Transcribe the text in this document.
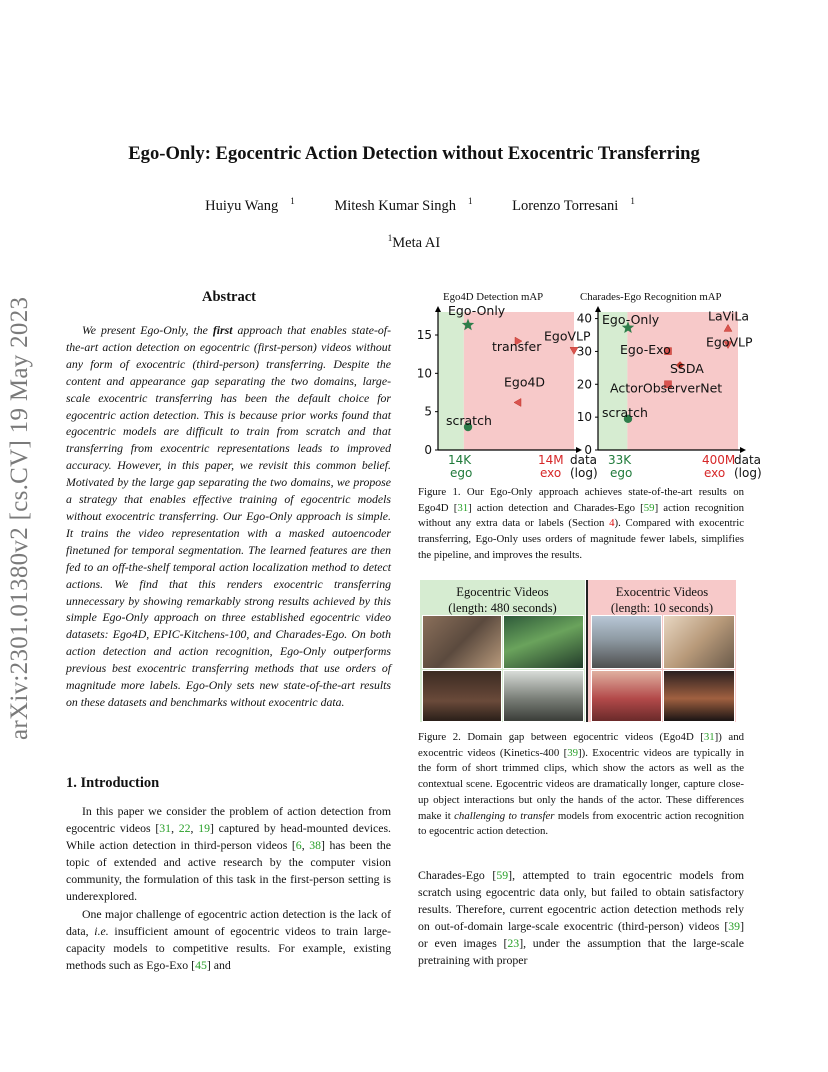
arXiv:2301.01380v2 [cs.CV] 19 May 2023
Ego-Only: Egocentric Action Detection without Exocentric Transferring
Huiyu Wang $^1$	Mitesh Kumar Singh $^1$	Lorenzo Torresani $^1$
$^1$Meta AI
Abstract

We present Ego-Only, the first approach that enables state-of-the-art action detection on egocentric (first-person) videos without any form of exocentric (third-person) transferring. Despite the content and appearance gap separating the two domains, large-scale exocentric transferring has been the default choice for egocentric action detection. This is because prior works found that egocentric models are difficult to train from scratch and that transferring from exocentric representations leads to improved accuracy. However, in this paper, we revisit this common belief. Motivated by the large gap separating the two domains, we propose a strategy that enables effective training of egocentric models without exocentric transferring. Our Ego-Only approach is simple. It trains the video representation with a masked autoencoder finetuned for temporal segmentation. The learned features are then fed to an off-the-shelf temporal action localization method to detect actions. We find that this renders exocentric transferring unnecessary by showing remarkably strong results achieved by this simple Ego-Only approach on three established egocentric video datasets: Ego4D, EPIC-Kitchens-100, and Charades-Ego. On both action detection and action recognition, Ego-Only outperforms previous best exocentric transferring methods that use orders of magnitude more labels. Ego-Only sets new state-of-the-art results on these datasets and benchmarks without exocentric data.

1. Introduction

In this paper we consider the problem of action detection from egocentric videos [31, 22, 19] captured by head-mounted devices. While action detection in third-person videos [6, 38] has been the topic of extended and active research by the computer vision community, the formulation of this task in the first-person setting is underexplored.

One major challenge of egocentric action detection is the lack of data, i.e. insufficient amount of egocentric videos to train large-capacity models to competitive results. For example, existing methods such as Ego-Exo [45] and

Ego4D Detection mAP	Charades-Ego Recognition mAP
0
5
10
15
14K
ego
14M
exo
data
(log)
Ego-Only
scratch
transfer
EgoVLP
Ego4D
0
10
20
30
40
33K
ego
400M
exo
data
(log)
Ego-Only
scratch
LaViLa
EgoVLP
Ego-Exo
SSDA
ActorObserverNet
Figure 1. Our Ego-Only approach achieves state-of-the-art results on Ego4D [31] action detection and Charades-Ego [59] action recognition without any extra data or labels (Section 4). Compared with exocentric transferring, Ego-Only uses orders of magnitude fewer labels, simplifies the pipeline, and improves the results.
Egocentric Videos
(length: 480 seconds)
Exocentric Videos
(length: 10 seconds)
Figure 2. Domain gap between egocentric videos (Ego4D [31]) and exocentric videos (Kinetics-400 [39]). Exocentric videos are typically in the form of short trimmed clips, which show the actors as well as the contextual scene. Egocentric videos are dramatically longer, capture close-up object interactions but only the hands of the actor. These differences make it challenging to transfer models from exocentric action recognition to egocentric action detection.
Charades-Ego [59], attempted to train egocentric models from scratch using egocentric data only, but failed to obtain satisfactory results. Therefore, current egocentric action detection methods rely on out-of-domain large-scale exocentric (third-person) videos [39] or even images [23], under the assumption that the large-scale pretraining with proper
